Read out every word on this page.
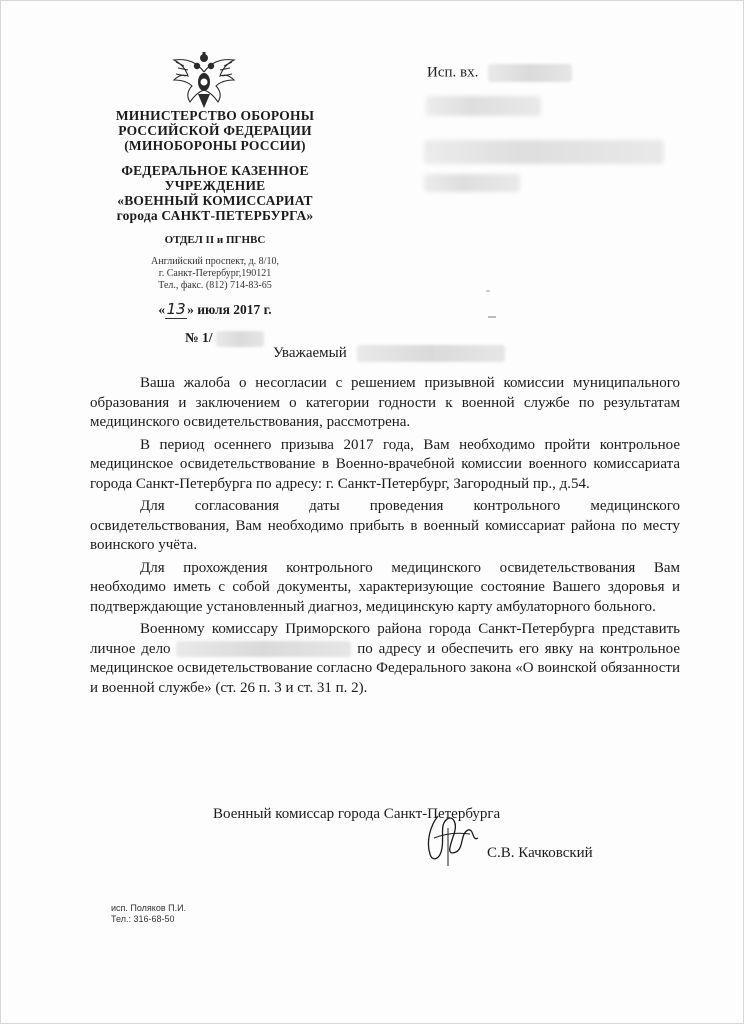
МИНИСТЕРСТВО ОБОРОНЫ
РОССИЙСКОЙ ФЕДЕРАЦИИ
(МИНОБОРОНЫ РОССИИ)
ФЕДЕРАЛЬНОЕ КАЗЕННОЕ
УЧРЕЖДЕНИЕ
«ВОЕННЫЙ КОМИССАРИАТ
города САНКТ-ПЕТЕРБУРГА»
ОТДЕЛ II и ПГНВС
Английский проспект, д. 8/10,
г. Санкт-Петербург,190121
Тел., факс. (812) 714-83-65
«13» июля 2017 г.
№ 1/
Исп. вх.
Уважаемый

Ваша жалоба о несогласии с решением призывной комиссии муниципального образования и заключением о категории годности к военной службе по результатам медицинского освидетельствования, рассмотрена.

В период осеннего призыва 2017 года, Вам необходимо пройти контрольное медицинское освидетельствование в Военно-врачебной комиссии военного комиссариата города Санкт-Петербурга по адресу: г. Санкт-Петербург, Загородный пр., д.54.

Для согласования даты проведения контрольного медицинского освидетельствования, Вам необходимо прибыть в военный комиссариат района по месту воинского учёта.

Для прохождения контрольного медицинского освидетельствования Вам необходимо иметь с собой документы, характеризующие состояние Вашего здоровья и подтверждающие установленный диагноз, медицинскую карту амбулаторного больного.

Военному комиссару Приморского района города Санкт-Петербурга представить личное дело	по адресу и обеспечить его явку на контрольное медицинское освидетельствование согласно Федерального закона «О воинской обязанности и военной службе» (ст. 26 п. 3 и ст. 31 п. 2).

Военный комиссар города Санкт-Петербурга
С.В. Качковский
исп. Поляков П.И.
Тел.: 316-68-50
